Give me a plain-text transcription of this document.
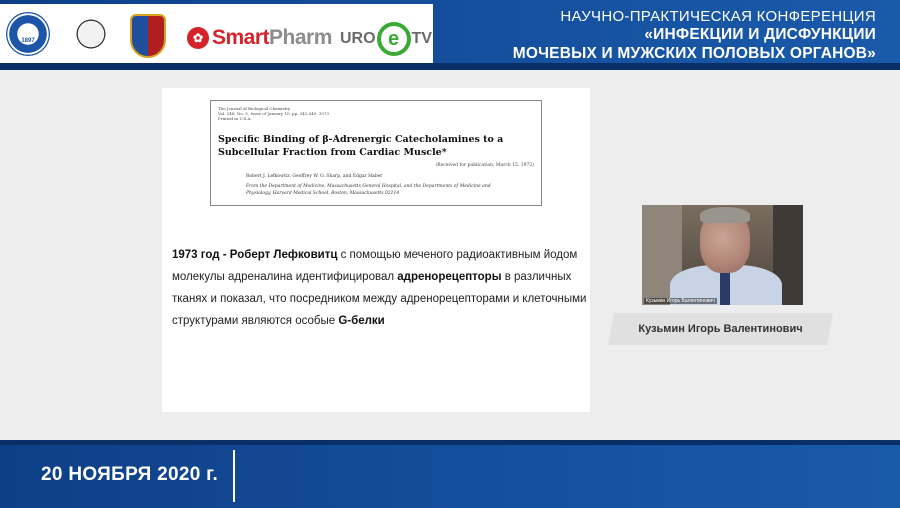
1897	✿ SmartPharm URO e TV
НАУЧНО-ПРАКТИЧЕСКАЯ КОНФЕРЕНЦИЯ
«ИНФЕКЦИИ И ДИСФУНКЦИИ
МОЧЕВЫХ И МУЖСКИХ ПОЛОВЫХ ОРГАНОВ»
The Journal of Biological Chemistry
Vol. 248, No. 5, Issue of January 10, pp. 342-349, 1973
Printed in U.S.A.
Specific Binding of β-Adrenergic Catecholamines to a
Subcellular Fraction from Cardiac Muscle*
(Received for publication, March 15, 1972)
Robert J. Lefkowitz, Geoffrey W. G. Sharp, and Edgar Haber
From the Department of Medicine, Massachusetts General Hospital, and the Departments of Medicine and
Physiology, Harvard Medical School, Boston, Massachusetts 02114

1973 год - Роберт Лефковитц с помощью меченого радиоактивным йодом молекулы адреналина идентифицировал адренорецепторы в различных тканях и показал, что посредником между адренорецепторами и клеточными структурами являются особые G-белки

Кузьмин Игорь Валентинович
Кузьмин Игорь Валентинович
20 НОЯБРЯ 2020 г.
